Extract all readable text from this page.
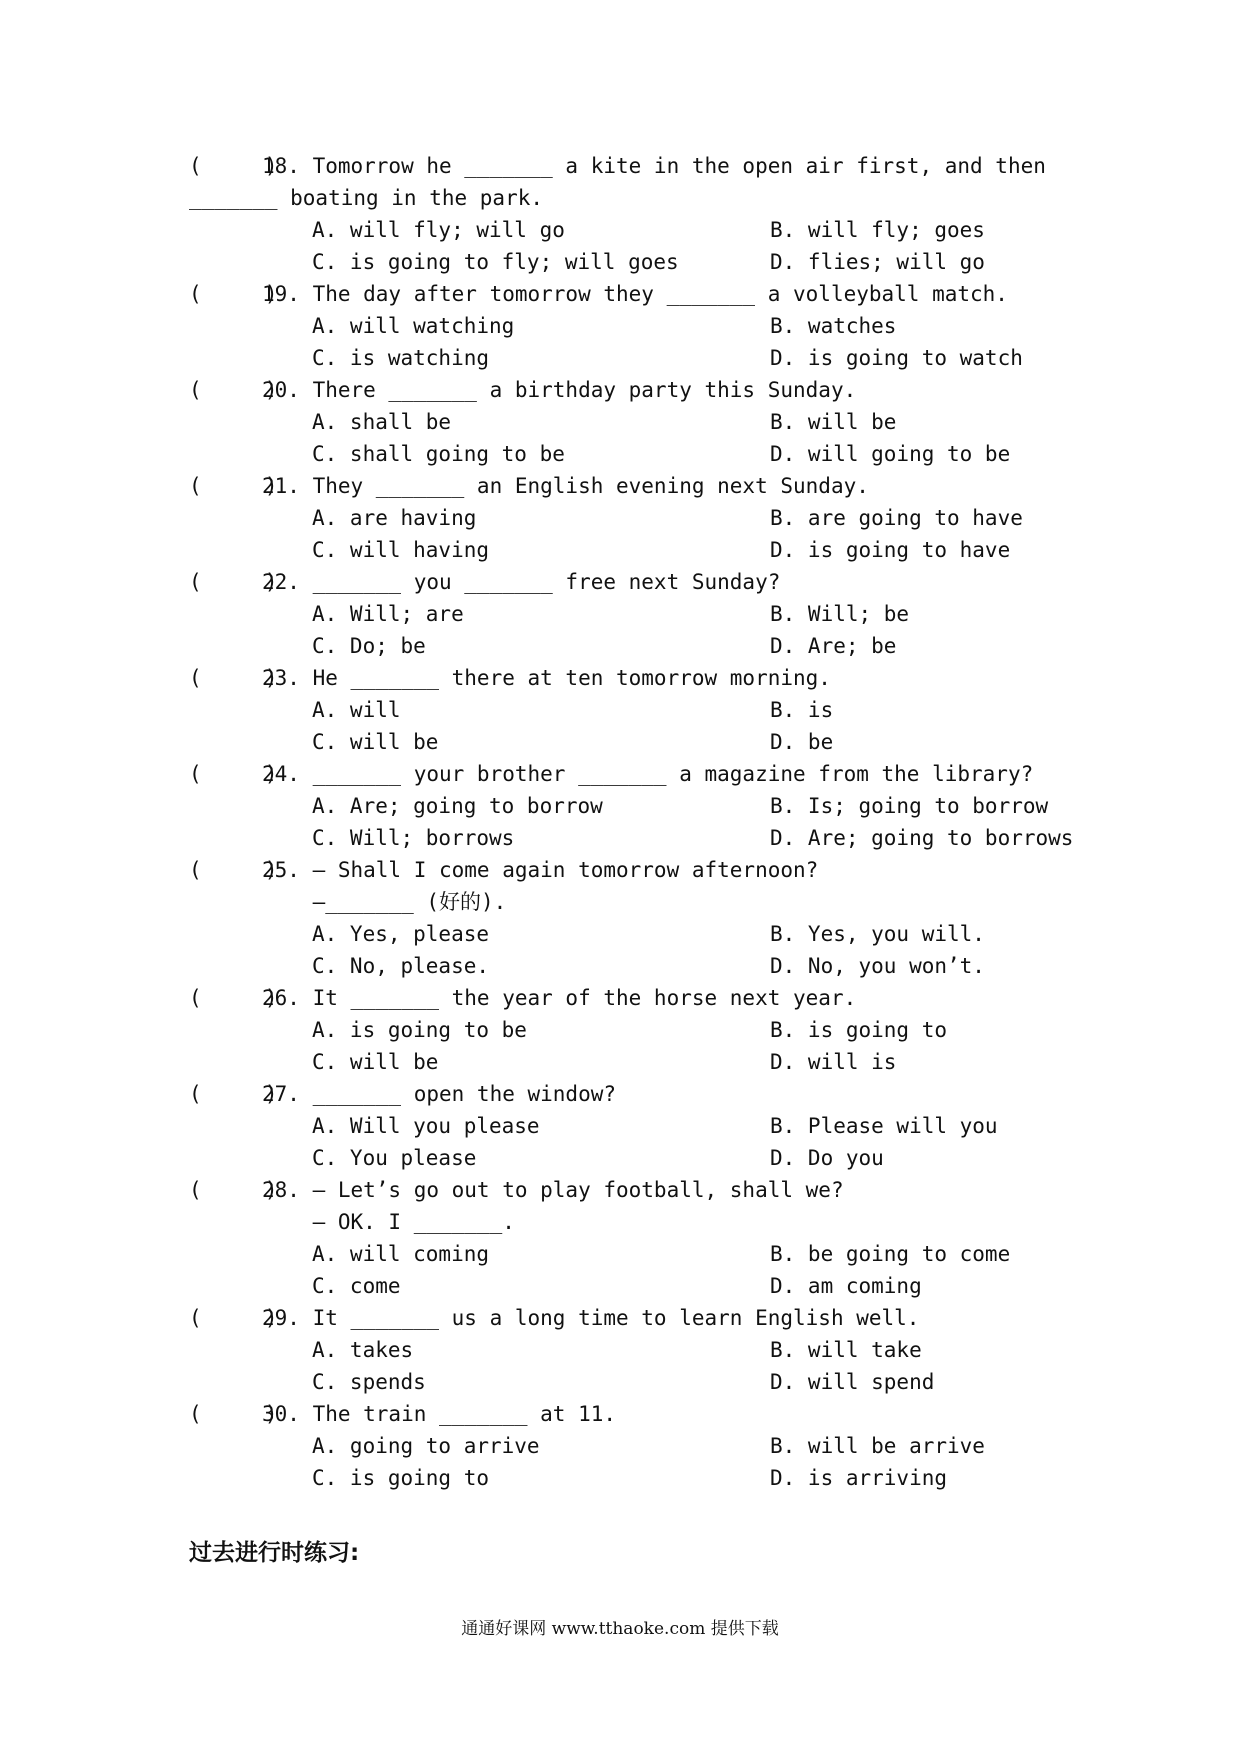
(     )
18. Tomorrow he _______ a kite in the open air first, and then
_______ boating in the park.
A. will fly; will go	B. will fly; goes
C. is going to fly; will goes	D. flies; will go
(     )
19. The day after tomorrow they _______ a volleyball match.
A. will watching	B. watches
C. is watching	D. is going to watch
(     )
20. There _______ a birthday party this Sunday.
A. shall be	B. will be
C. shall going to be	D. will going to be
(     )
21. They _______ an English evening next Sunday.
A. are having	B. are going to have
C. will having	D. is going to have
(     )
22. _______ you _______ free next Sunday?
A. Will; are	B. Will; be
C. Do; be	D. Are; be
(     )
23. He _______ there at ten tomorrow morning.
A. will	B. is
C. will be	D. be
(     )
24. _______ your brother _______ a magazine from the library?
A. Are; going to borrow	B. Is; going to borrow
C. Will; borrows	D. Are; going to borrows
(     )
25. – Shall I come again tomorrow afternoon?
–_______ (好的).
A. Yes, please	B. Yes, you will.
C. No, please.	D. No, you won’t.
(     )
26. It _______ the year of the horse next year.
A. is going to be	B. is going to
C. will be	D. will is
(     )
27. _______ open the window?
A. Will you please	B. Please will you
C. You please	D. Do you
(     )
28. – Let’s go out to play football, shall we?
– OK. I _______.
A. will coming	B. be going to come
C. come	D. am coming
(     )
29. It _______ us a long time to learn English well.
A. takes	B. will take
C. spends	D. will spend
(     )
30. The train _______ at 11.
A. going to arrive	B. will be arrive
C. is going to	D. is arriving
过去进行时练习:
通通好课网 www.tthaoke.com 提供下载
